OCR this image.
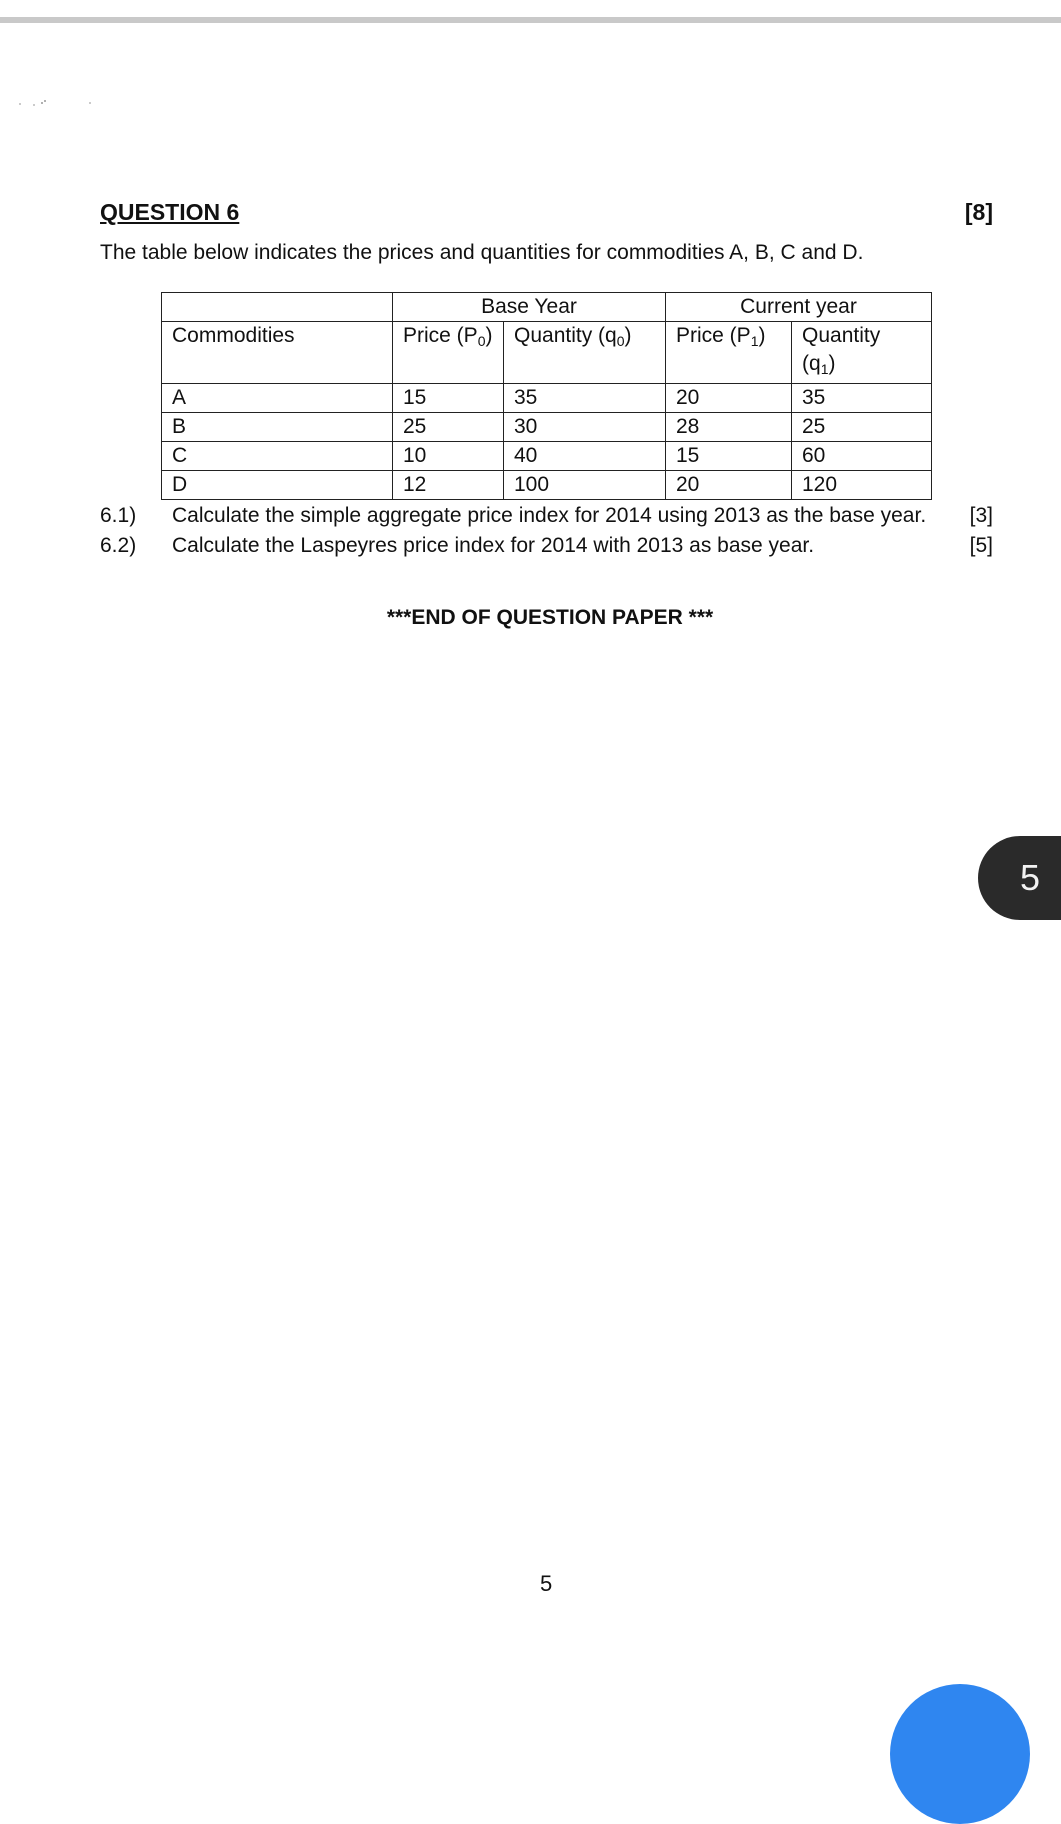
QUESTION 6	[8]
The table below indicates the prices and quantities for commodities A, B, C and D.
	Base Year		Current year	
Commodities	Price $(P_0)$	Quantity $(q_0)$	Price $(P_1)$	Quantity
$(q_1)$
A	15	35	20	35
B	25	30	28	25
C	10	40	15	60
D	12	100	20	120
6.1) Calculate the simple aggregate price index for 2014 using 2013 as the base year. [3]
6.2) Calculate the Laspeyres price index for 2014 with 2013 as base year.	[5]
***END OF QUESTION PAPER ***
5
5
